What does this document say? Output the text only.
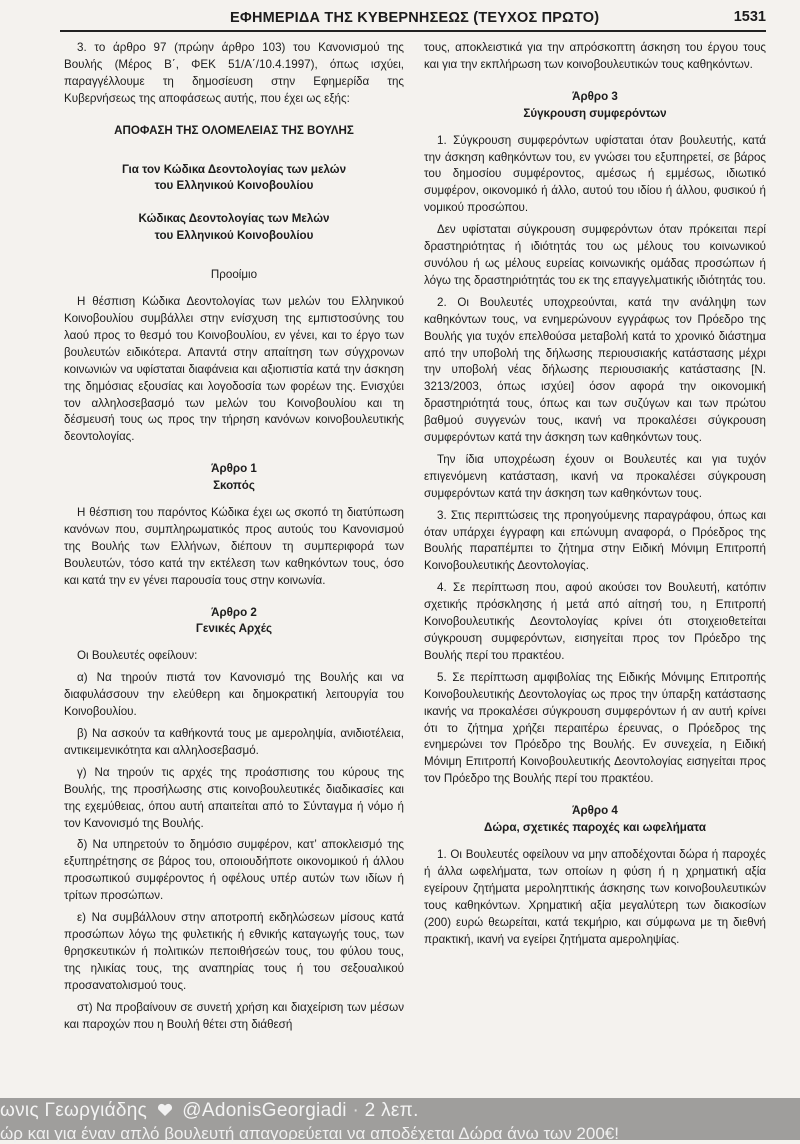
ΕΦΗΜΕΡΙΔΑ ΤΗΣ ΚΥΒΕΡΝΗΣΕΩΣ (ΤΕΥΧΟΣ ΠΡΩΤΟ)	1531

3. το άρθρο 97 (πρώην άρθρο 103) του Κανονισμού της Βουλής (Μέρος Β΄, ΦΕΚ 51/Α΄/10.4.1997), όπως ισχύει, παραγγέλλουμε τη δημοσίευση στην Εφημερίδα της Κυβερνήσεως της αποφάσεως αυτής, που έχει ως εξής:

ΑΠΟΦΑΣΗ ΤΗΣ ΟΛΟΜΕΛΕΙΑΣ ΤΗΣ ΒΟΥΛΗΣ

Για τον Κώδικα Δεοντολογίας των μελών

του Ελληνικού Κοινοβουλίου

Κώδικας Δεοντολογίας των Μελών

του Ελληνικού Κοινοβουλίου

Προοίμιο

Η θέσπιση Κώδικα Δεοντολογίας των μελών του Ελληνικού Κοινοβουλίου συμβάλλει στην ενίσχυση της εμπιστοσύνης του λαού προς το θεσμό του Κοινοβουλίου, εν γένει, και το έργο των βουλευτών ειδικότερα. Απαντά στην απαίτηση των σύγχρονων κοινωνιών να υφίσταται διαφάνεια και αξιοπιστία κατά την άσκηση της δημόσιας εξουσίας και λογοδοσία των φορέων της. Ενισχύει τον αλληλοσεβασμό των μελών του Κοινοβουλίου και τη δέσμευσή τους ως προς την τήρηση κανόνων κοινοβουλευτικής δεοντολογίας.

Άρθρο 1

Σκοπός

Η θέσπιση του παρόντος Κώδικα έχει ως σκοπό τη διατύπωση κανόνων που, συμπληρωματικός προς αυτούς του Κανονισμού της Βουλής των Ελλήνων, διέπουν τη συμπεριφορά των Βουλευτών, τόσο κατά την εκτέλεση των καθηκόντων τους, όσο και κατά την εν γένει παρουσία τους στην κοινωνία.

Άρθρο 2

Γενικές Αρχές

Οι Βουλευτές οφείλουν:

α) Να τηρούν πιστά τον Κανονισμό της Βουλής και να διαφυλάσσουν την ελεύθερη και δημοκρατική λειτουργία του Κοινοβουλίου.

β) Να ασκούν τα καθήκοντά τους με αμεροληψία, ανιδιοτέλεια, αντικειμενικότητα και αλληλοσεβασμό.

γ) Να τηρούν τις αρχές της προάσπισης του κύρους της Βουλής, της προσήλωσης στις κοινοβουλευτικές διαδικασίες και της εχεμύθειας, όπου αυτή απαιτείται από το Σύνταγμα ή νόμο ή τον Κανονισμό της Βουλής.

δ) Να υπηρετούν το δημόσιο συμφέρον, κατ’ αποκλεισμό της εξυπηρέτησης σε βάρος του, οποιουδήποτε οικονομικού ή άλλου προσωπικού συμφέροντος ή οφέλους υπέρ αυτών των ιδίων ή τρίτων προσώπων.

ε) Να συμβάλλουν στην αποτροπή εκδηλώσεων μίσους κατά προσώπων λόγω της φυλετικής ή εθνικής καταγωγής τους, των θρησκευτικών ή πολιτικών πεποιθήσεών τους, του φύλου τους, της ηλικίας τους, της αναπηρίας τους ή του σεξουαλικού προσανατολισμού τους.

στ) Να προβαίνουν σε συνετή χρήση και διαχείριση των μέσων και παροχών που η Βουλή θέτει στη διάθεσή

τους, αποκλειστικά για την απρόσκοπτη άσκηση του έργου τους και για την εκπλήρωση των κοινοβουλευτικών τους καθηκόντων.

Άρθρο 3

Σύγκρουση συμφερόντων

1. Σύγκρουση συμφερόντων υφίσταται όταν βουλευτής, κατά την άσκηση καθηκόντων του, εν γνώσει του εξυπηρετεί, σε βάρος του δημοσίου συμφέροντος, αμέσως ή εμμέσως, ιδιωτικό συμφέρον, οικονομικό ή άλλο, αυτού του ιδίου ή άλλου, φυσικού ή νομικού προσώπου.

Δεν υφίσταται σύγκρουση συμφερόντων όταν πρόκειται περί δραστηριότητας ή ιδιότητάς του ως μέλους του κοινωνικού συνόλου ή ως μέλους ευρείας κοινωνικής ομάδας προσώπων ή λόγω της δραστηριότητάς του εκ της επαγγελματικής ιδιότητάς του.

2. Οι Βουλευτές υποχρεούνται, κατά την ανάληψη των καθηκόντων τους, να ενημερώνουν εγγράφως τον Πρόεδρο της Βουλής για τυχόν επελθούσα μεταβολή κατά το χρονικό διάστημα από την υποβολή της δήλωσης περιουσιακής κατάστασης μέχρι την υποβολή νέας δήλωσης περιουσιακής κατάστασης [Ν. 3213/2003, όπως ισχύει] όσον αφορά την οικονομική δραστηριότητά τους, όπως και των συζύγων και των πρώτου βαθμού συγγενών τους, ικανή να προκαλέσει σύγκρουση συμφερόντων κατά την άσκηση των καθηκόντων τους.

Την ίδια υποχρέωση έχουν οι Βουλευτές και για τυχόν επιγενόμενη κατάσταση, ικανή να προκαλέσει σύγκρουση συμφερόντων κατά την άσκηση των καθηκόντων τους.

3. Στις περιπτώσεις της προηγούμενης παραγράφου, όπως και όταν υπάρχει έγγραφη και επώνυμη αναφορά, ο Πρόεδρος της Βουλής παραπέμπει το ζήτημα στην Ειδική Μόνιμη Επιτροπή Κοινοβουλευτικής Δεοντολογίας.

4. Σε περίπτωση που, αφού ακούσει τον Βουλευτή, κατόπιν σχετικής πρόσκλησης ή μετά από αίτησή του, η Επιτροπή Κοινοβουλευτικής Δεοντολογίας κρίνει ότι στοιχειοθετείται σύγκρουση συμφερόντων, εισηγείται προς τον Πρόεδρο της Βουλής περί του πρακτέου.

5. Σε περίπτωση αμφιβολίας της Ειδικής Μόνιμης Επιτροπής Κοινοβουλευτικής Δεοντολογίας ως προς την ύπαρξη κατάστασης ικανής να προκαλέσει σύγκρουση συμφερόντων ή αν αυτή κρίνει ότι το ζήτημα χρήζει περαιτέρω έρευνας, ο Πρόεδρος της ενημερώνει τον Πρόεδρο της Βουλής. Εν συνεχεία, η Ειδική Μόνιμη Επιτροπή Κοινοβουλευτικής Δεοντολογίας εισηγείται προς τον Πρόεδρο της Βουλής περί του πρακτέου.

Άρθρο 4

Δώρα, σχετικές παροχές και ωφελήματα

1. Οι Βουλευτές οφείλουν να μην αποδέχονται δώρα ή παροχές ή άλλα ωφελήματα, των οποίων η φύση ή η χρηματική αξία εγείρουν ζητήματα μεροληπτικής άσκησης των κοινοβουλευτικών τους καθηκόντων. Χρηματική αξία μεγαλύτερη των διακοσίων (200) ευρώ θεωρείται, κατά τεκμήριο, και σύμφωνα με τη διεθνή πρακτική, ικανή να εγείρει ζητήματα αμεροληψίας.

ωνις Γεωργιάδης @AdonisGeorgiadi · 2 λεπ.
ώρ και για έναν απλό βουλευτή απαγορεύεται να αποδέχεται Δώρα άνω των 200€!
